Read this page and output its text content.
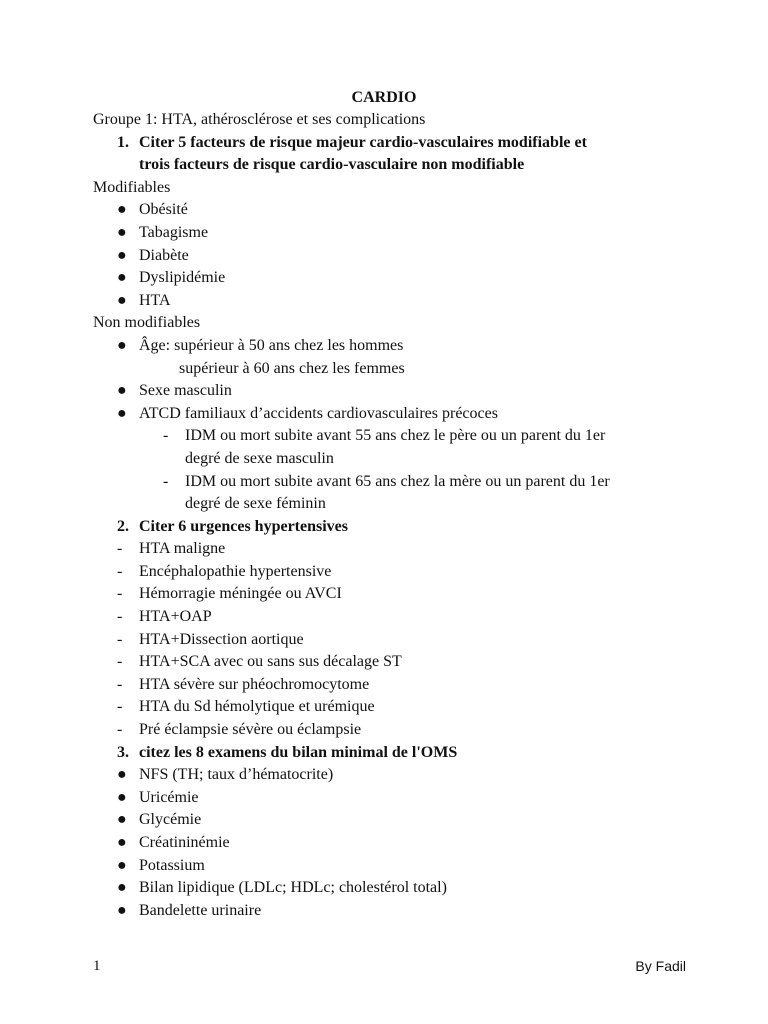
CARDIO

Groupe 1: HTA, athérosclérose et ses complications

1. Citer 5 facteurs de risque majeur cardio-vasculaires modifiable et
trois facteurs de risque cardio-vasculaire non modifiable

Modifiables

● Obésité
● Tabagisme
● Diabète
● Dyslipidémie
● HTA

Non modifiables

● Âge: supérieur à 50 ans chez les hommes
supérieur à 60 ans chez les femmes
● Sexe masculin
● ATCD familiaux d’accidents cardiovasculaires précoces
- IDM ou mort subite avant 55 ans chez le père ou un parent du 1er
degré de sexe masculin
- IDM ou mort subite avant 65 ans chez la mère ou un parent du 1er
degré de sexe féminin
2. Citer 6 urgences hypertensives
- HTA maligne
- Encéphalopathie hypertensive
- Hémorragie méningée ou AVCI
- HTA+OAP
- HTA+Dissection aortique
- HTA+SCA avec ou sans sus décalage ST
- HTA sévère sur phéochromocytome
- HTA du Sd hémolytique et urémique
- Pré éclampsie sévère ou éclampsie
3. citez les 8 examens du bilan minimal de l'OMS
● NFS (TH; taux d’hématocrite)
● Uricémie
● Glycémie
● Créatininémie
● Potassium
● Bilan lipidique (LDLc; HDLc; cholestérol total)
● Bandelette urinaire
1	By Fadil
